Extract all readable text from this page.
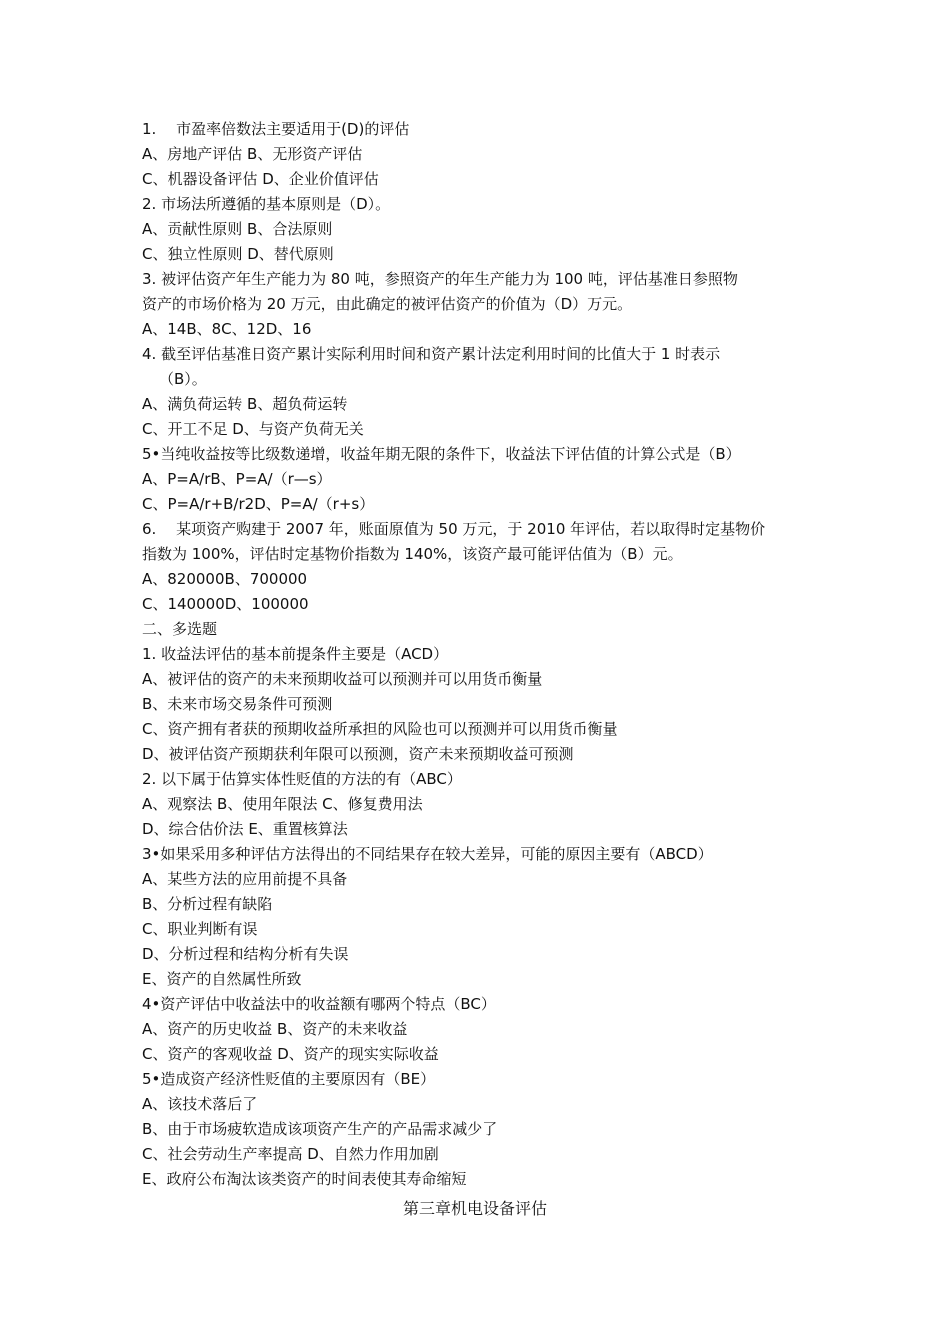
1.　 市盈率倍数法主要适用于(D)的评估
A、房地产评估 B、无形资产评估
C、机器设备评估 D、企业价值评估
2. 市场法所遵循的基本原则是（D）。
A、贡献性原则 B、合法原则
C、独立性原则 D、替代原则
3. 被评估资产年生产能力为 80 吨，参照资产的年生产能力为 100 吨，评估基准日参照物
资产的市场价格为 20 万元，由此确定的被评估资产的价值为（D）万元。
A、14B、8C、12D、16
4. 截至评估基准日资产累计实际利用时间和资产累计法定利用时间的比值大于 1 时表示
（B）。
A、满负荷运转 B、超负荷运转
C、开工不足 D、与资产负荷无关
5•当纯收益按等比级数递增，收益年期无限的条件下，收益法下评估值的计算公式是（B）
A、P=A/rB、P=A/（r—s）
C、P=A/r+B/r2D、P=A/（r+s）
6.　 某项资产购建于 2007 年，账面原值为 50 万元，于 2010 年评估，若以取得时定基物价
指数为 100%，评估时定基物价指数为 140%，该资产最可能评估值为（B）元。
A、820000B、700000
C、140000D、100000
二、多选题
1. 收益法评估的基本前提条件主要是（ACD）
A、被评估的资产的未来预期收益可以预测并可以用货币衡量
B、未来市场交易条件可预测
C、资产拥有者获的预期收益所承担的风险也可以预测并可以用货币衡量
D、被评估资产预期获利年限可以预测，资产未来预期收益可预测
2. 以下属于估算实体性贬值的方法的有（ABC）
A、观察法 B、使用年限法 C、修复费用法
D、综合估价法 E、重置核算法
3•如果采用多种评估方法得出的不同结果存在较大差异，可能的原因主要有（ABCD）
A、某些方法的应用前提不具备
B、分析过程有缺陷
C、职业判断有误
D、分析过程和结构分析有失误
E、资产的自然属性所致
4•资产评估中收益法中的收益额有哪两个特点（BC）
A、资产的历史收益 B、资产的未来收益
C、资产的客观收益 D、资产的现实实际收益
5•造成资产经济性贬值的主要原因有（BE）
A、该技术落后了
B、由于市场疲软造成该项资产生产的产品需求减少了
C、社会劳动生产率提高 D、自然力作用加剧
E、政府公布淘汰该类资产的时间表使其寿命缩短
第三章机电设备评估
